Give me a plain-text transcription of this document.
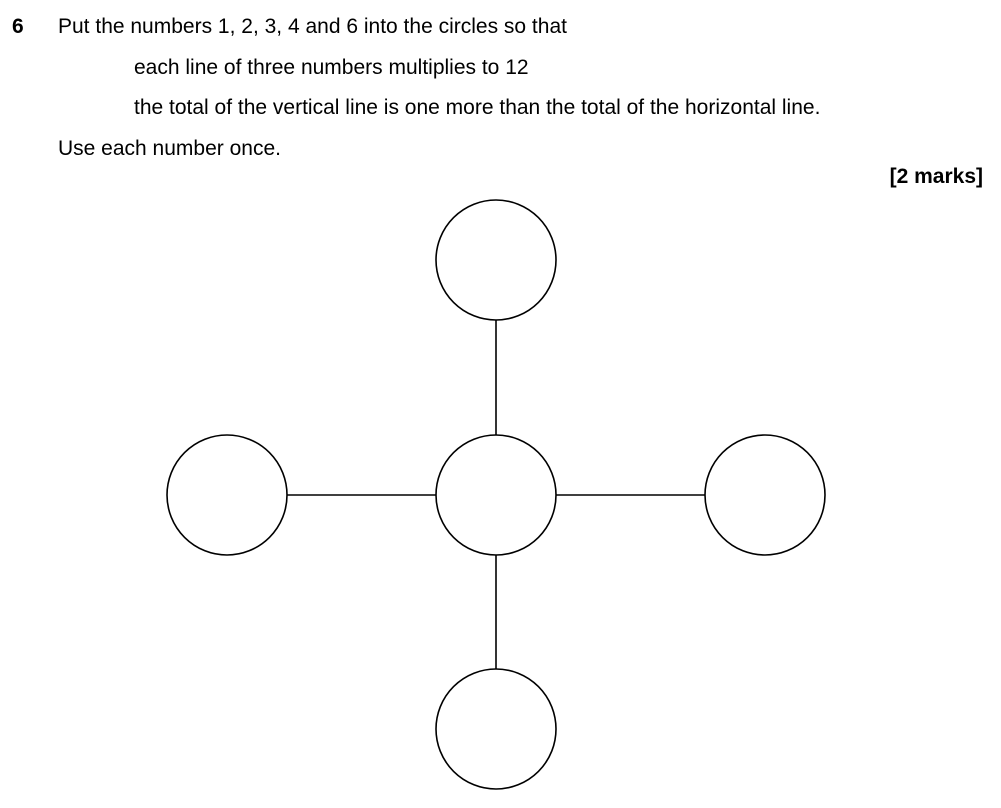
6 Put the numbers 1, 2, 3, 4 and 6 into the circles so that
each line of three numbers multiplies to 12
the total of the vertical line is one more than the total of the horizontal line.
Use each number once.
[2 marks]
